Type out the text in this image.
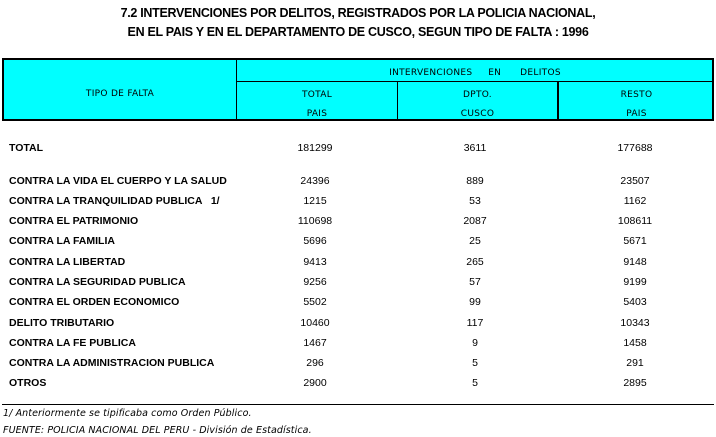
7.2 INTERVENCIONES POR DELITOS, REGISTRADOS POR LA POLICIA NACIONAL,
EN EL PAIS Y EN EL DEPARTAMENTO DE CUSCO, SEGUN TIPO DE FALTA : 1996
TIPO DE FALTA
INTERVENCIONES     EN      DELITOS
TOTAL
PAIS
DPTO.
CUSCO
RESTO
PAIS
TOTAL	181299	3611	177688
CONTRA LA VIDA EL CUERPO Y LA SALUD	24396	889	23507
CONTRA LA TRANQUILIDAD PUBLICA   1/	1215	53	1162
CONTRA EL PATRIMONIO	110698	2087	108611
CONTRA LA FAMILIA	5696	25	5671
CONTRA LA LIBERTAD	9413	265	9148
CONTRA LA SEGURIDAD PUBLICA	9256	57	9199
CONTRA EL ORDEN ECONOMICO	5502	99	5403
DELITO TRIBUTARIO	10460	117	10343
CONTRA LA FE PUBLICA	1467	9	1458
CONTRA LA ADMINISTRACION PUBLICA	296	5	291
OTROS	2900	5	2895
1/ Anteriormente se tipificaba como Orden Público.
FUENTE: POLICIA NACIONAL DEL PERU - División de Estadística.
